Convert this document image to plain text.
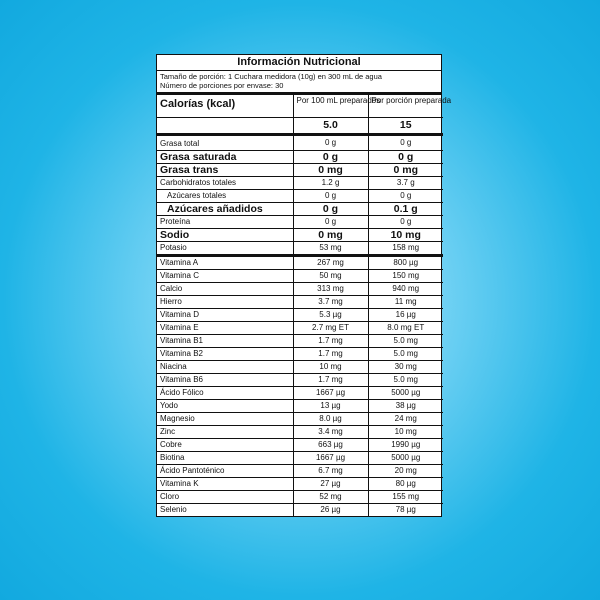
Información Nutricional
Tamaño de porción: 1 Cuchara medidora (10g) en 300 mL de agua
Número de porciones por envase: 30
Calorías (kcal)	Por 100 mL preparados	Por porción preparada
	5.0	15
Grasa total	0 g	0 g
Grasa saturada	0 g	0 g
Grasa trans	0 mg	0 mg
Carbohidratos totales	1.2 g	3.7 g
Azúcares totales	0 g	0 g
Azúcares añadidos	0 g	0.1 g
Proteína	0 g	0 g
Sodio	0 mg	10 mg
Potasio	53 mg	158 mg
Vitamina A	267 mg	800 µg
Vitamina C	50 mg	150 mg
Calcio	313 mg	940 mg
Hierro	3.7 mg	11 mg
Vitamina D	5.3 µg	16 µg
Vitamina E	2.7 mg ET	8.0 mg ET
Vitamina B1	1.7 mg	5.0 mg
Vitamina B2	1.7 mg	5.0 mg
Niacina	10 mg	30 mg
Vitamina B6	1.7 mg	5.0 mg
Ácido Fólico	1667 µg	5000 µg
Yodo	13 µg	38 µg
Magnesio	8.0 µg	24 mg
Zinc	3.4 mg	10 mg
Cobre	663 µg	1990 µg
Biotina	1667 µg	5000 µg
Ácido Pantoténico	6.7 mg	20 mg
Vitamina K	27 µg	80 µg
Cloro	52 mg	155 mg
Selenio	26 µg	78 µg
